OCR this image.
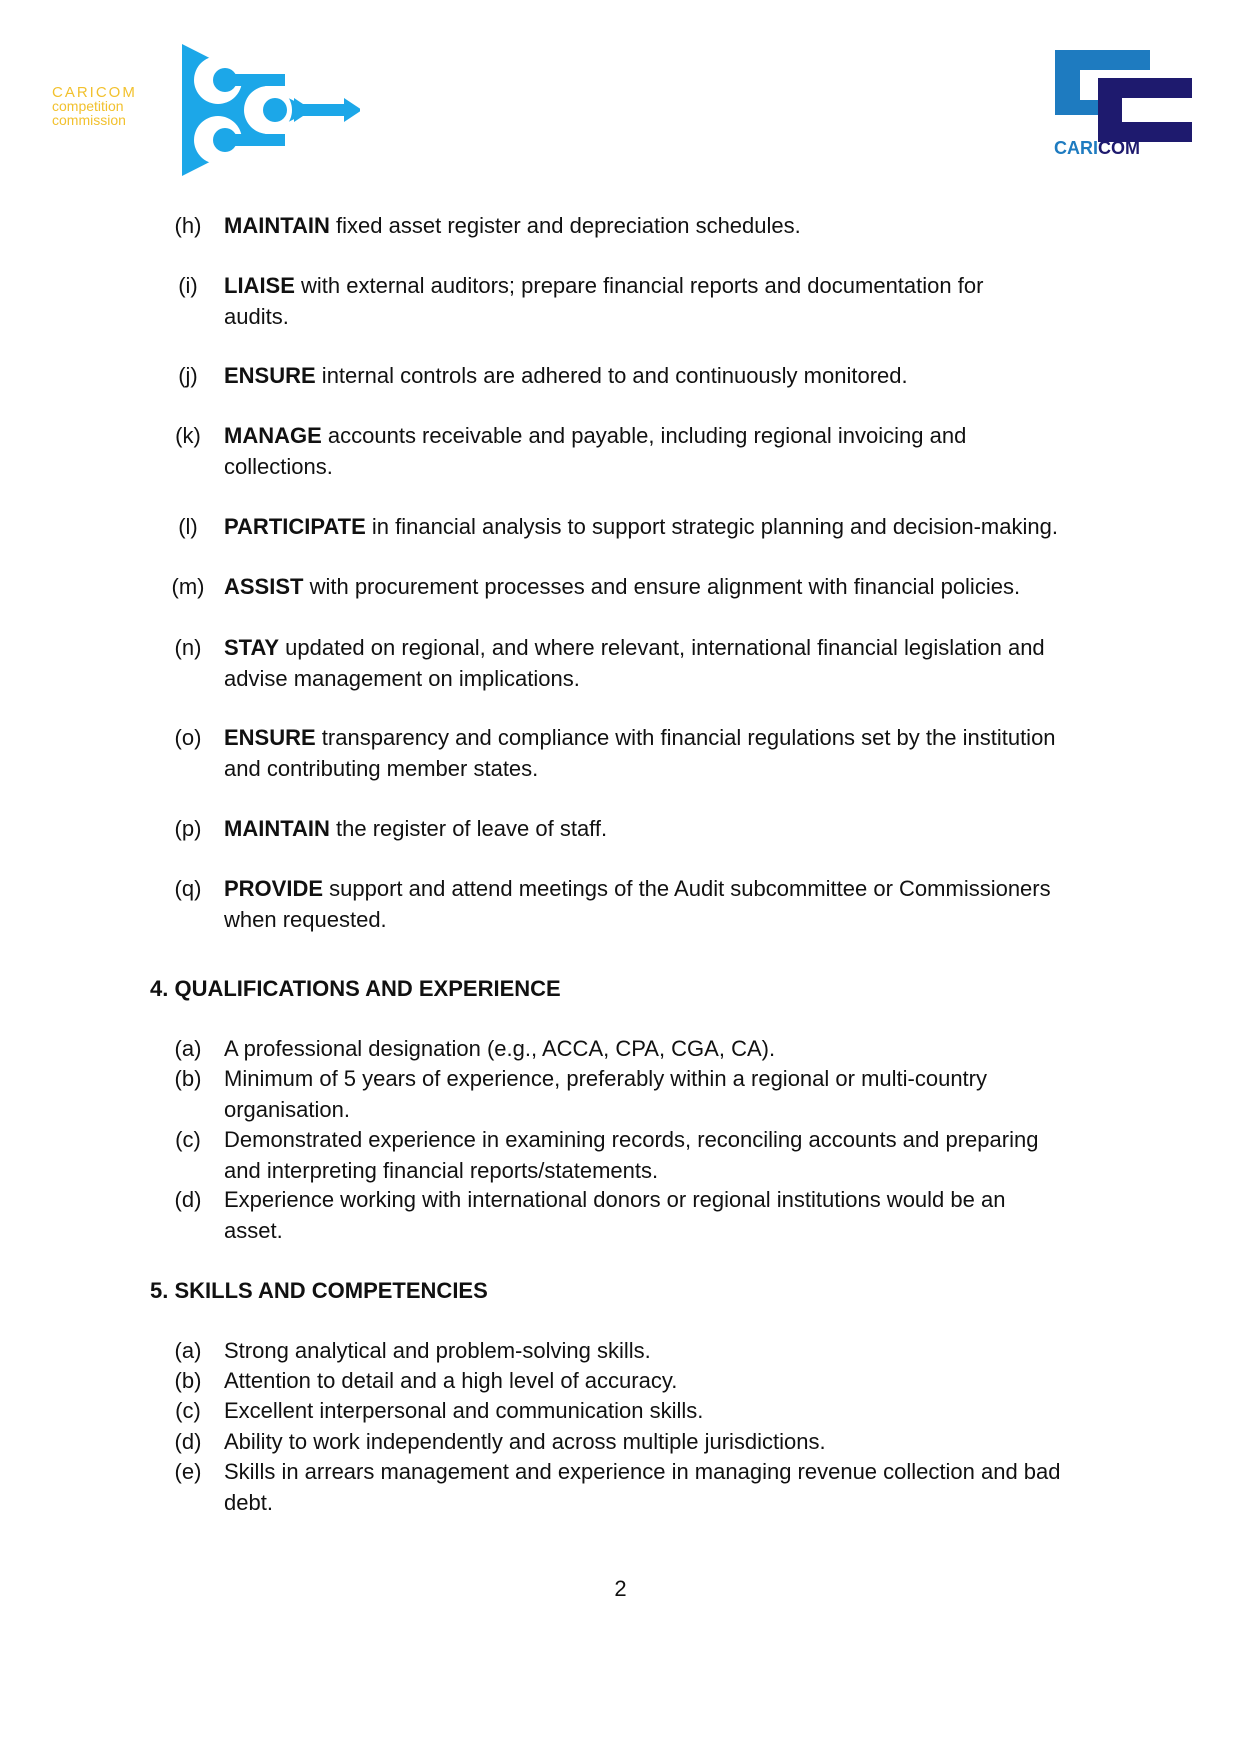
CARICOM
competition
commission
CARICOM
(h)	MAINTAIN fixed asset register and depreciation schedules.
(i)	LIAISE with external auditors; prepare financial reports and documentation for
audits.
(j)	ENSURE internal controls are adhered to and continuously monitored.
(k)	MANAGE accounts receivable and payable, including regional invoicing and
collections.
(l)	PARTICIPATE in financial analysis to support strategic planning and decision-making.
(m) ASSIST with procurement processes and ensure alignment with financial policies.
(n)	STAY updated on regional, and where relevant, international financial legislation and
advise management on implications.
(o)	ENSURE transparency and compliance with financial regulations set by the institution
and contributing member states.
(p)	MAINTAIN the register of leave of staff.
(q)	PROVIDE support and attend meetings of the Audit subcommittee or Commissioners
when requested.
4. QUALIFICATIONS AND EXPERIENCE
(a)	A professional designation (e.g., ACCA, CPA, CGA, CA).
(b)	Minimum of 5 years of experience, preferably within a regional or multi-country
organisation.
(c)	Demonstrated experience in examining records, reconciling accounts and preparing
and interpreting financial reports/statements.
(d)	Experience working with international donors or regional institutions would be an
asset.
5. SKILLS AND COMPETENCIES
(a)	Strong analytical and problem-solving skills.
(b)	Attention to detail and a high level of accuracy.
(c)	Excellent interpersonal and communication skills.
(d)	Ability to work independently and across multiple jurisdictions.
(e)	Skills in arrears management and experience in managing revenue collection and bad
debt.
2
